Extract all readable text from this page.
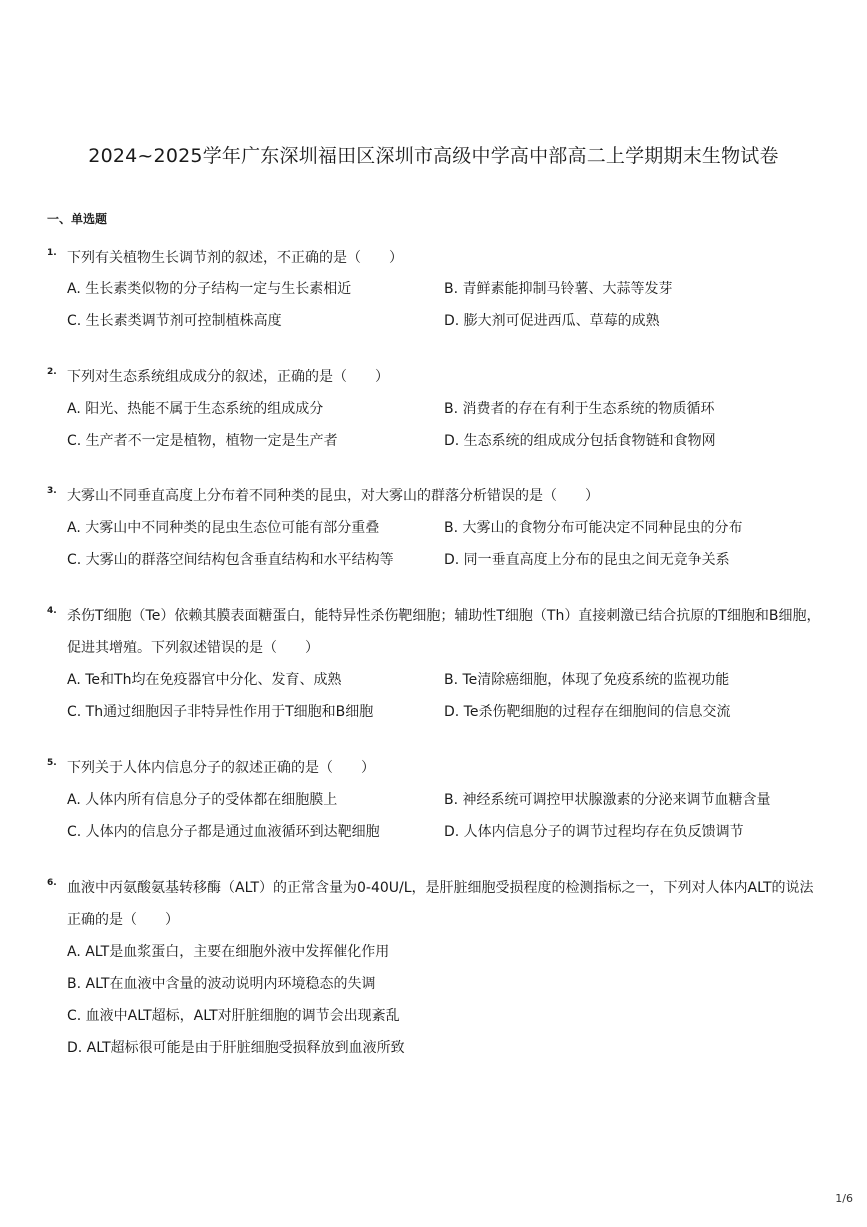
2024~2025学年广东深圳福田区深圳市高级中学高中部高二上学期期末生物试卷
一、单选题
1. 下列有关植物生长调节剂的叙述，不正确的是（　　）
A. 生长素类似物的分子结构一定与生长素相近	B. 青鲜素能抑制马铃薯、大蒜等发芽
C. 生长素类调节剂可控制植株高度	D. 膨大剂可促进西瓜、草莓的成熟
2. 下列对生态系统组成成分的叙述，正确的是（　　）
A. 阳光、热能不属于生态系统的组成成分	B. 消费者的存在有利于生态系统的物质循环
C. 生产者不一定是植物，植物一定是生产者	D. 生态系统的组成成分包括食物链和食物网
3. 大雾山不同垂直高度上分布着不同种类的昆虫，对大雾山的群落分析错误的是（　　）
A. 大雾山中不同种类的昆虫生态位可能有部分重叠	B. 大雾山的食物分布可能决定不同种昆虫的分布
C. 大雾山的群落空间结构包含垂直结构和水平结构等	D. 同一垂直高度上分布的昆虫之间无竞争关系
4. 杀伤T细胞（Te）依赖其膜表面糖蛋白，能特异性杀伤靶细胞；辅助性T细胞（Th）直接刺激已结合抗原的T细胞和B细胞，促进其增殖。下列叙述错误的是（　　）
A. Te和Th均在免疫器官中分化、发育、成熟	B. Te清除癌细胞，体现了免疫系统的监视功能
C. Th通过细胞因子非特异性作用于T细胞和B细胞	D. Te杀伤靶细胞的过程存在细胞间的信息交流
5. 下列关于人体内信息分子的叙述正确的是（　　）
A. 人体内所有信息分子的受体都在细胞膜上	B. 神经系统可调控甲状腺激素的分泌来调节血糖含量
C. 人体内的信息分子都是通过血液循环到达靶细胞	D. 人体内信息分子的调节过程均存在负反馈调节
6. 血液中丙氨酸氨基转移酶（ALT）的正常含量为0-40U/L，是肝脏细胞受损程度的检测指标之一，下列对人体内ALT的说法正确的是（　　）
A. ALT是血浆蛋白，主要在细胞外液中发挥催化作用
B. ALT在血液中含量的波动说明内环境稳态的失调
C. 血液中ALT超标，ALT对肝脏细胞的调节会出现紊乱
D. ALT超标很可能是由于肝脏细胞受损释放到血液所致
1/6
